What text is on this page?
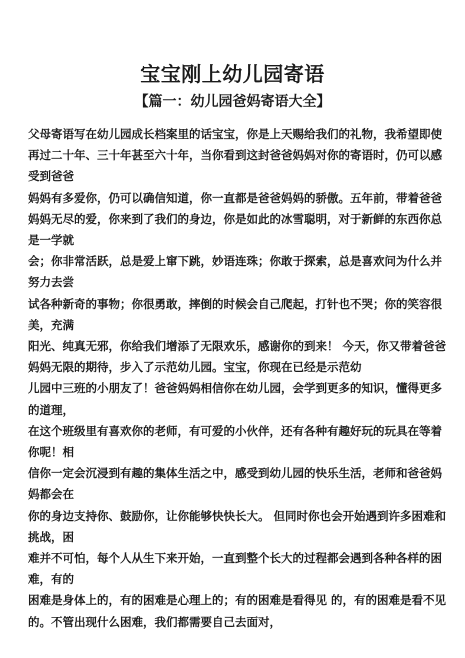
宝宝刚上幼儿园寄语
【篇一：幼儿园爸妈寄语大全】

父母寄语写在幼儿园成长档案里的话宝宝，你是上天赐给我们的礼物，我希望即使

再过二十年、三十年甚至六十年，当你看到这封爸爸妈妈对你的寄语时，仍可以感受到爸爸

妈妈有多爱你，仍可以确信知道，你一直都是爸爸妈妈的骄傲。五年前，带着爸爸

妈妈无尽的爱，你来到了我们的身边，你是如此的冰雪聪明，对于新鲜的东西你总是一学就

会；你非常活跃，总是爱上窜下跳，妙语连珠；你敢于探索，总是喜欢问为什么并努力去尝

试各种新奇的事物；你很勇敢，摔倒的时候会自己爬起，打针也不哭；你的笑容很美，充满

阳光、纯真无邪，你给我们增添了无限欢乐，感谢你的到来！ 今天，你又带着爸爸妈妈无限的期待，步入了示范幼儿园。宝宝，你现在已经是示范幼

儿园中三班的小朋友了！爸爸妈妈相信你在幼儿园，会学到更多的知识，懂得更多的道理，

在这个班级里有喜欢你的老师，有可爱的小伙伴，还有各种有趣好玩的玩具在等着你呢！相

信你一定会沉浸到有趣的集体生活之中，感受到幼儿园的快乐生活，老师和爸爸妈妈都会在

你的身边支持你、鼓励你，让你能够快快长大。 但同时你也会开始遇到许多困难和挑战，困

难并不可怕，每个人从生下来开始，一直到整个长大的过程都会遇到各种各样的困难，有的

困难是身体上的，有的困难是心理上的；有的困难是看得见 的，有的困难是看不见的。不管出现什么困难，我们都需要自己去面对，
